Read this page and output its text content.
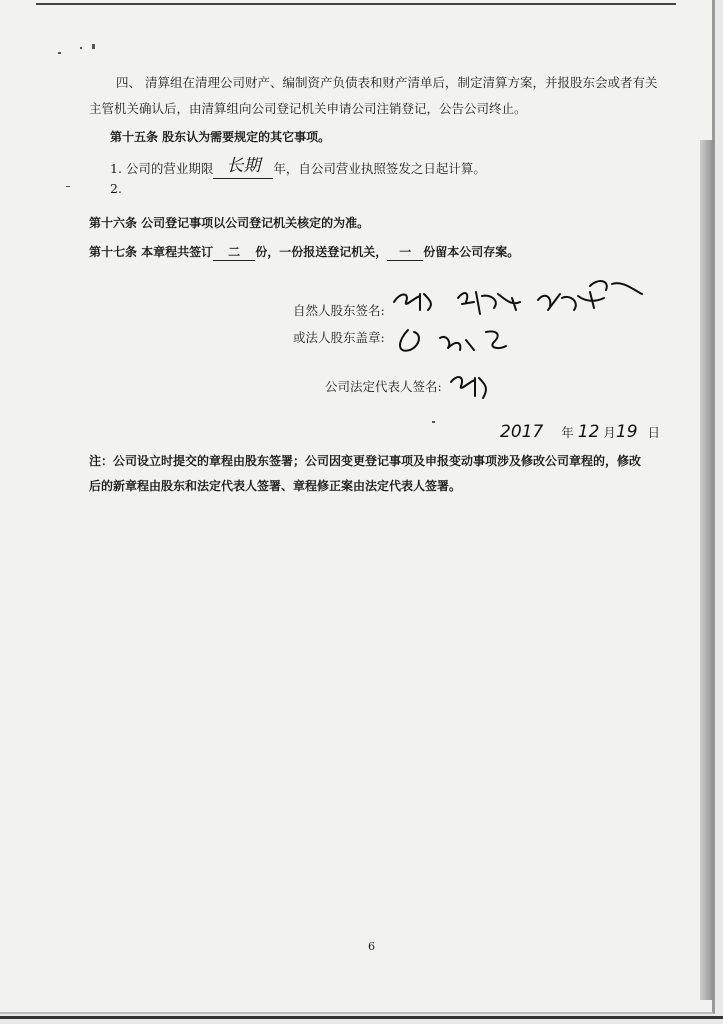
四、 清算组在清理公司财产、编制资产负债表和财产清单后，制定清算方案，并报股东会或者有关
主管机关确认后，由清算组向公司登记机关申请公司注销登记，公告公司终止。
第十五条 股东认为需要规定的其它事项。
1. 公司的营业期限 长期 年，自公司营业执照签发之日起计算。
2.
第十六条 公司登记事项以公司登记机关核定的为准。
第十七条 本章程共签订 二 份，一份报送登记机关， 一 份留本公司存案。
自然人股东签名:
或法人股东盖章:
公司法定代表人签名:
2017 年 12 月19 日
注：公司设立时提交的章程由股东签署；公司因变更登记事项及申报变动事项涉及修改公司章程的，修改
后的新章程由股东和法定代表人签署、章程修正案由法定代表人签署。
6
